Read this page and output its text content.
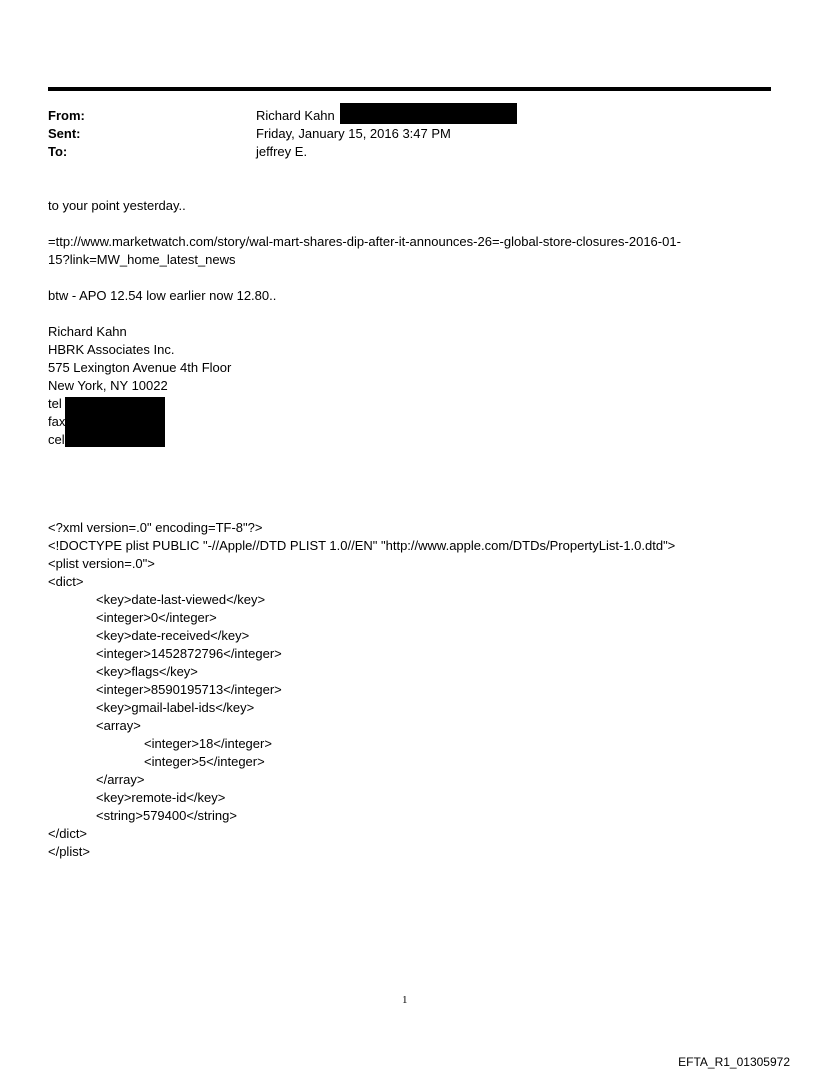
From:	Richard Kahn
Sent:	Friday, January 15, 2016 3:47 PM
To:	jeffrey E.
to your point yesterday..
=ttp://www.marketwatch.com/story/wal-mart-shares-dip-after-it-announces-26=-global-store-closures-2016-01-
15?link=MW_home_latest_news
btw - APO 12.54 low earlier now 12.80..
Richard Kahn
HBRK Associates Inc.
575 Lexington Avenue 4th Floor
New York, NY 10022
tel
fax
cel
<?xml version=.0" encoding=TF-8"?>
<!DOCTYPE plist PUBLIC "-//Apple//DTD PLIST 1.0//EN" "http://www.apple.com/DTDs/PropertyList-1.0.dtd">
<plist version=.0">
<dict>
<key>date-last-viewed</key>
<integer>0</integer>
<key>date-received</key>
<integer>1452872796</integer>
<key>flags</key>
<integer>8590195713</integer>
<key>gmail-label-ids</key>
<array>
<integer>18</integer>
<integer>5</integer>
</array>
<key>remote-id</key>
<string>579400</string>
</dict>
</plist>
1
EFTA_R1_01305972
